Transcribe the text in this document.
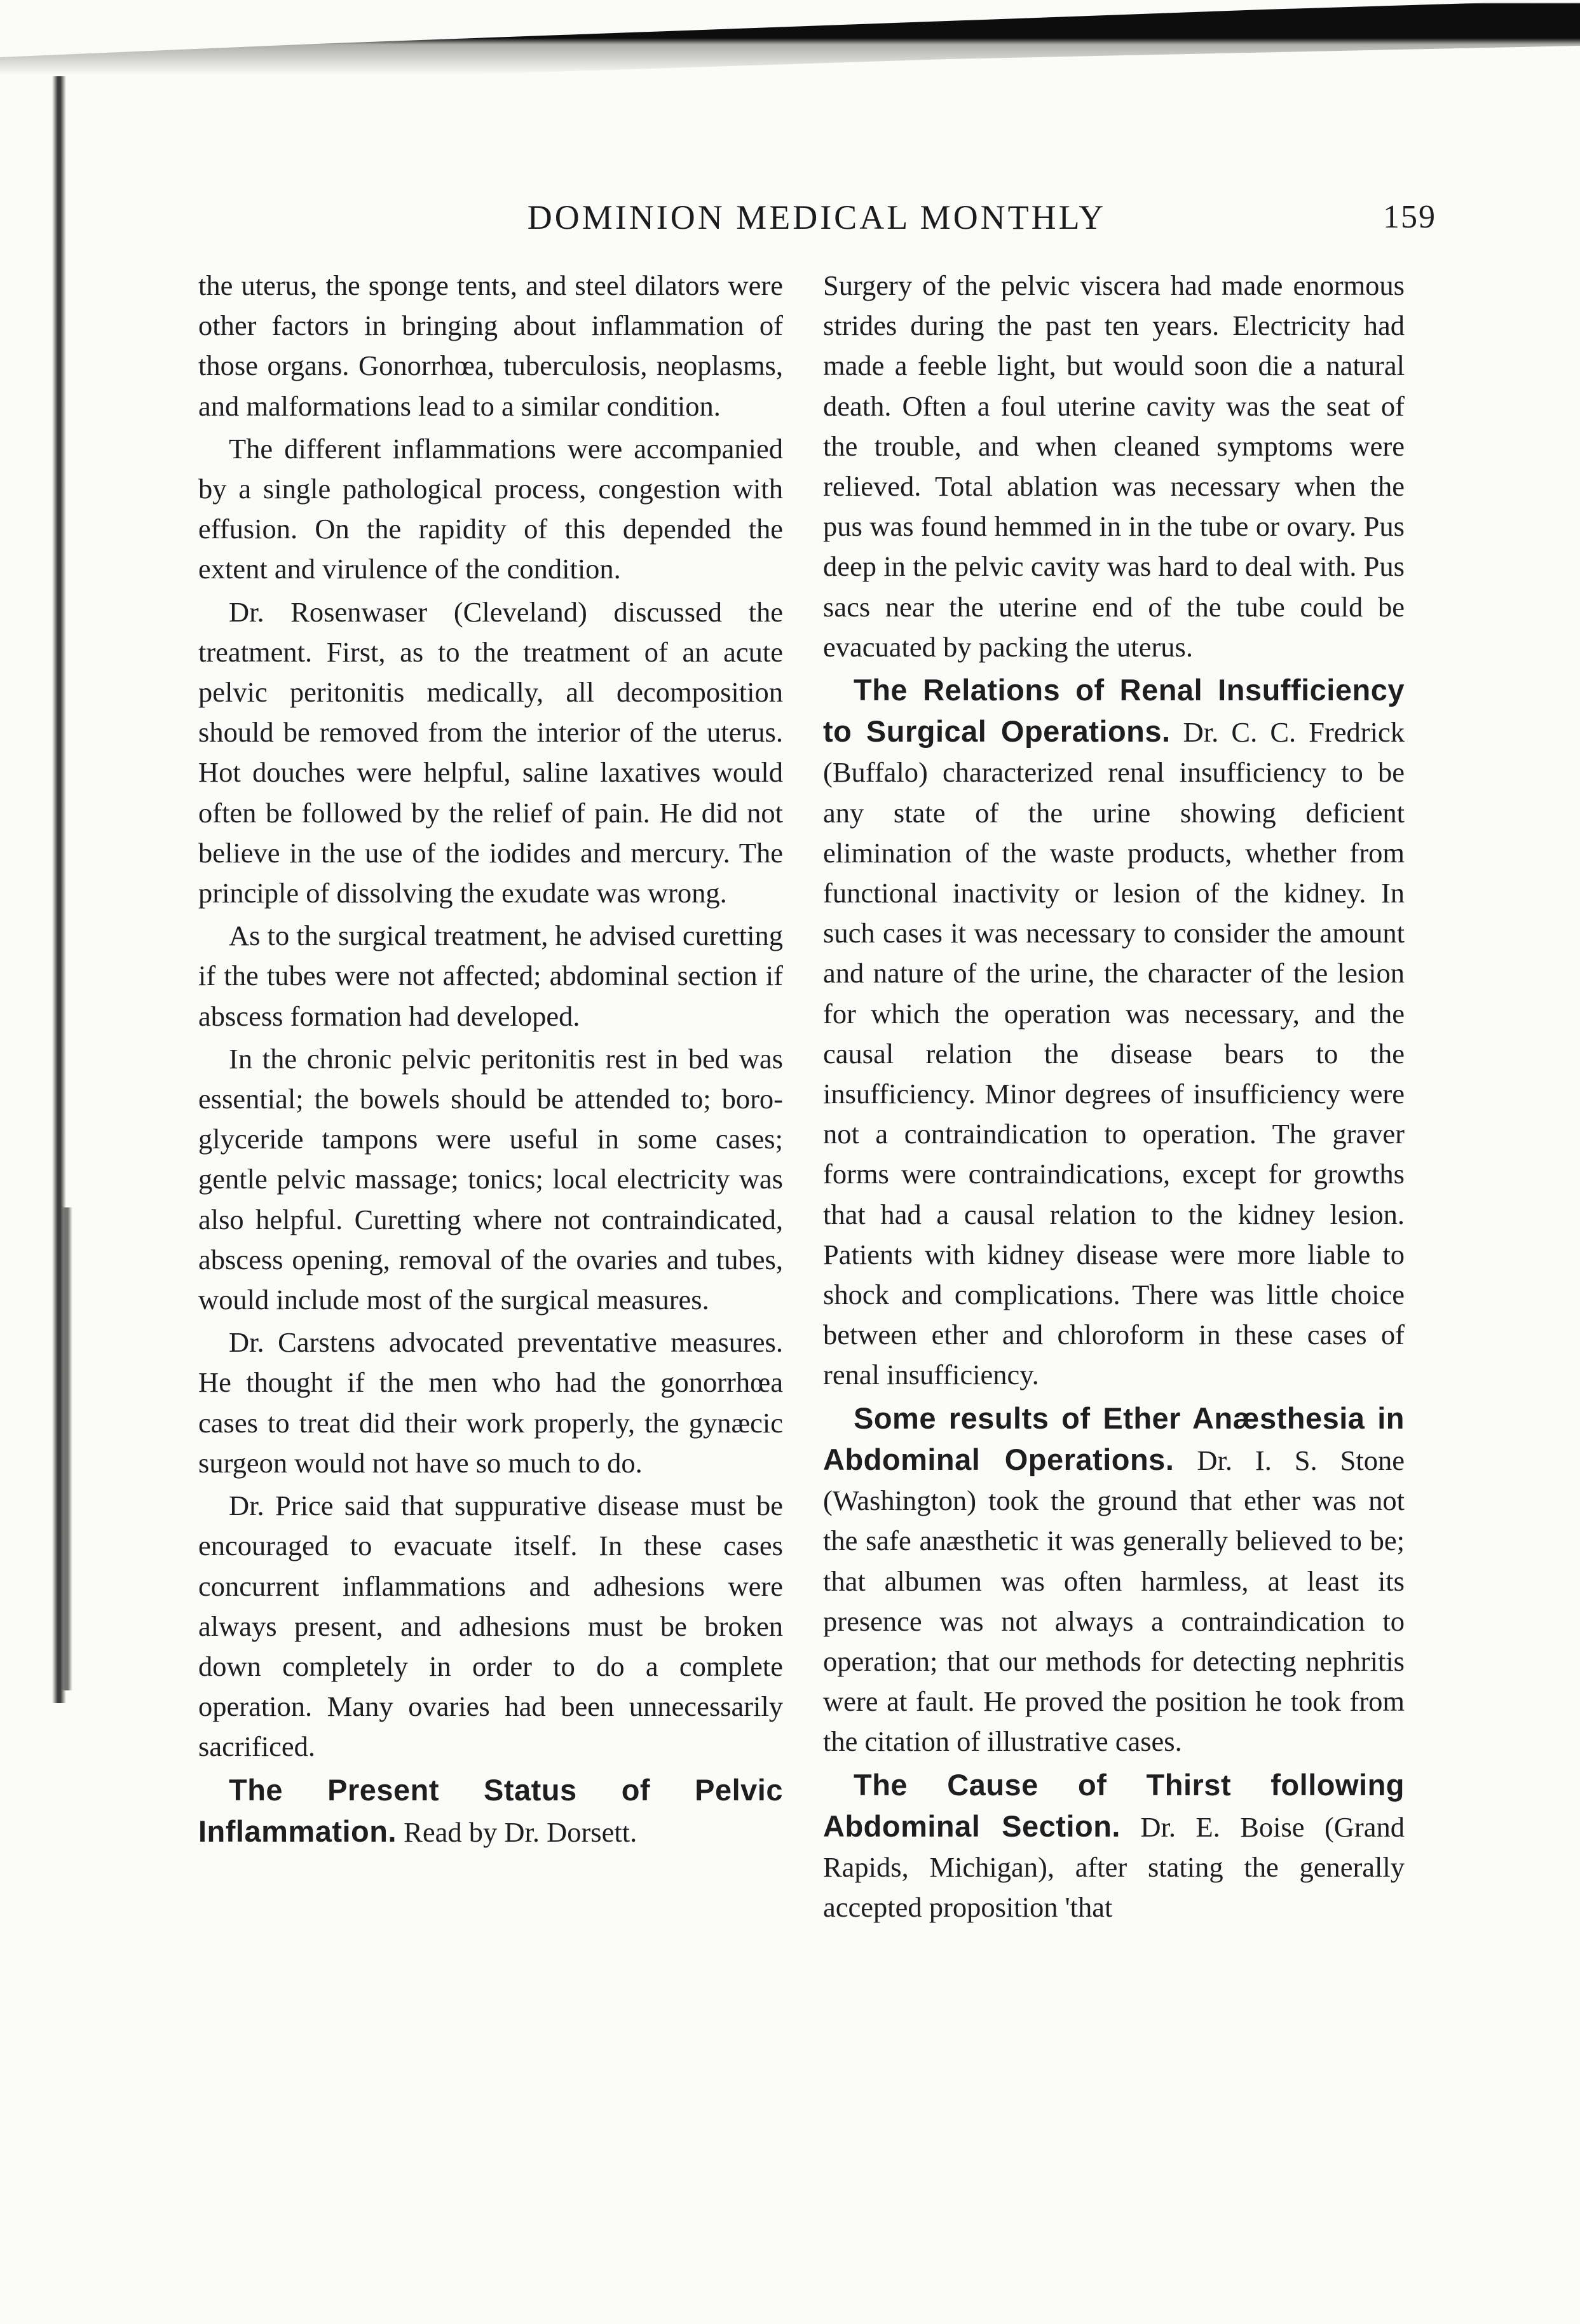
DOMINION MEDICAL MONTHLY	159

the uterus, the sponge tents, and steel dilators were other factors in bringing about inflammation of those organs. Gonorrhœa, tuberculosis, neoplasms, and malformations lead to a similar condition.

The different inflammations were accompanied by a single pathological process, congestion with effusion. On the rapidity of this depended the extent and virulence of the condition.

Dr. Rosenwaser (Cleveland) discussed the treatment. First, as to the treatment of an acute pelvic peritonitis medically, all decomposition should be removed from the interior of the uterus. Hot douches were helpful, saline laxatives would often be followed by the relief of pain. He did not believe in the use of the iodides and mercury. The principle of dissolving the exudate was wrong.

As to the surgical treatment, he advised curetting if the tubes were not affected; abdominal section if abscess formation had developed.

In the chronic pelvic peritonitis rest in bed was essential; the bowels should be attended to; boro-glyceride tampons were useful in some cases; gentle pelvic massage; tonics; local electricity was also helpful. Curetting where not contraindicated, abscess opening, removal of the ovaries and tubes, would include most of the surgical measures.

Dr. Carstens advocated preventative measures. He thought if the men who had the gonorrhœa cases to treat did their work properly, the gynæcic surgeon would not have so much to do.

Dr. Price said that suppurative disease must be encouraged to evacuate itself. In these cases concurrent inflammations and adhesions were always present, and adhesions must be broken down completely in order to do a complete operation. Many ovaries had been unnecessarily sacrificed.

The Present Status of Pelvic Inflammation. Read by Dr. Dorsett.

Surgery of the pelvic viscera had made enormous strides during the past ten years. Electricity had made a feeble light, but would soon die a natural death. Often a foul uterine cavity was the seat of the trouble, and when cleaned symptoms were relieved. Total ablation was necessary when the pus was found hemmed in in the tube or ovary. Pus deep in the pelvic cavity was hard to deal with. Pus sacs near the uterine end of the tube could be evacuated by packing the uterus.

The Relations of Renal Insufficiency to Surgical Operations. Dr. C. C. Fredrick (Buffalo) characterized renal insufficiency to be any state of the urine showing deficient elimination of the waste products, whether from functional inactivity or lesion of the kidney. In such cases it was necessary to consider the amount and nature of the urine, the character of the lesion for which the operation was necessary, and the causal relation the disease bears to the insufficiency. Minor degrees of insufficiency were not a contraindication to operation. The graver forms were contraindications, except for growths that had a causal relation to the kidney lesion. Patients with kidney disease were more liable to shock and complications. There was little choice between ether and chloroform in these cases of renal insufficiency.

Some results of Ether Anæsthesia in Abdominal Operations. Dr. I. S. Stone (Washington) took the ground that ether was not the safe anæsthetic it was generally believed to be; that albumen was often harmless, at least its presence was not always a contraindication to operation; that our methods for detecting nephritis were at fault. He proved the position he took from the citation of illustrative cases.

The Cause of Thirst following Abdominal Section. Dr. E. Boise (Grand Rapids, Michigan), after stating the generally accepted proposition 'that
